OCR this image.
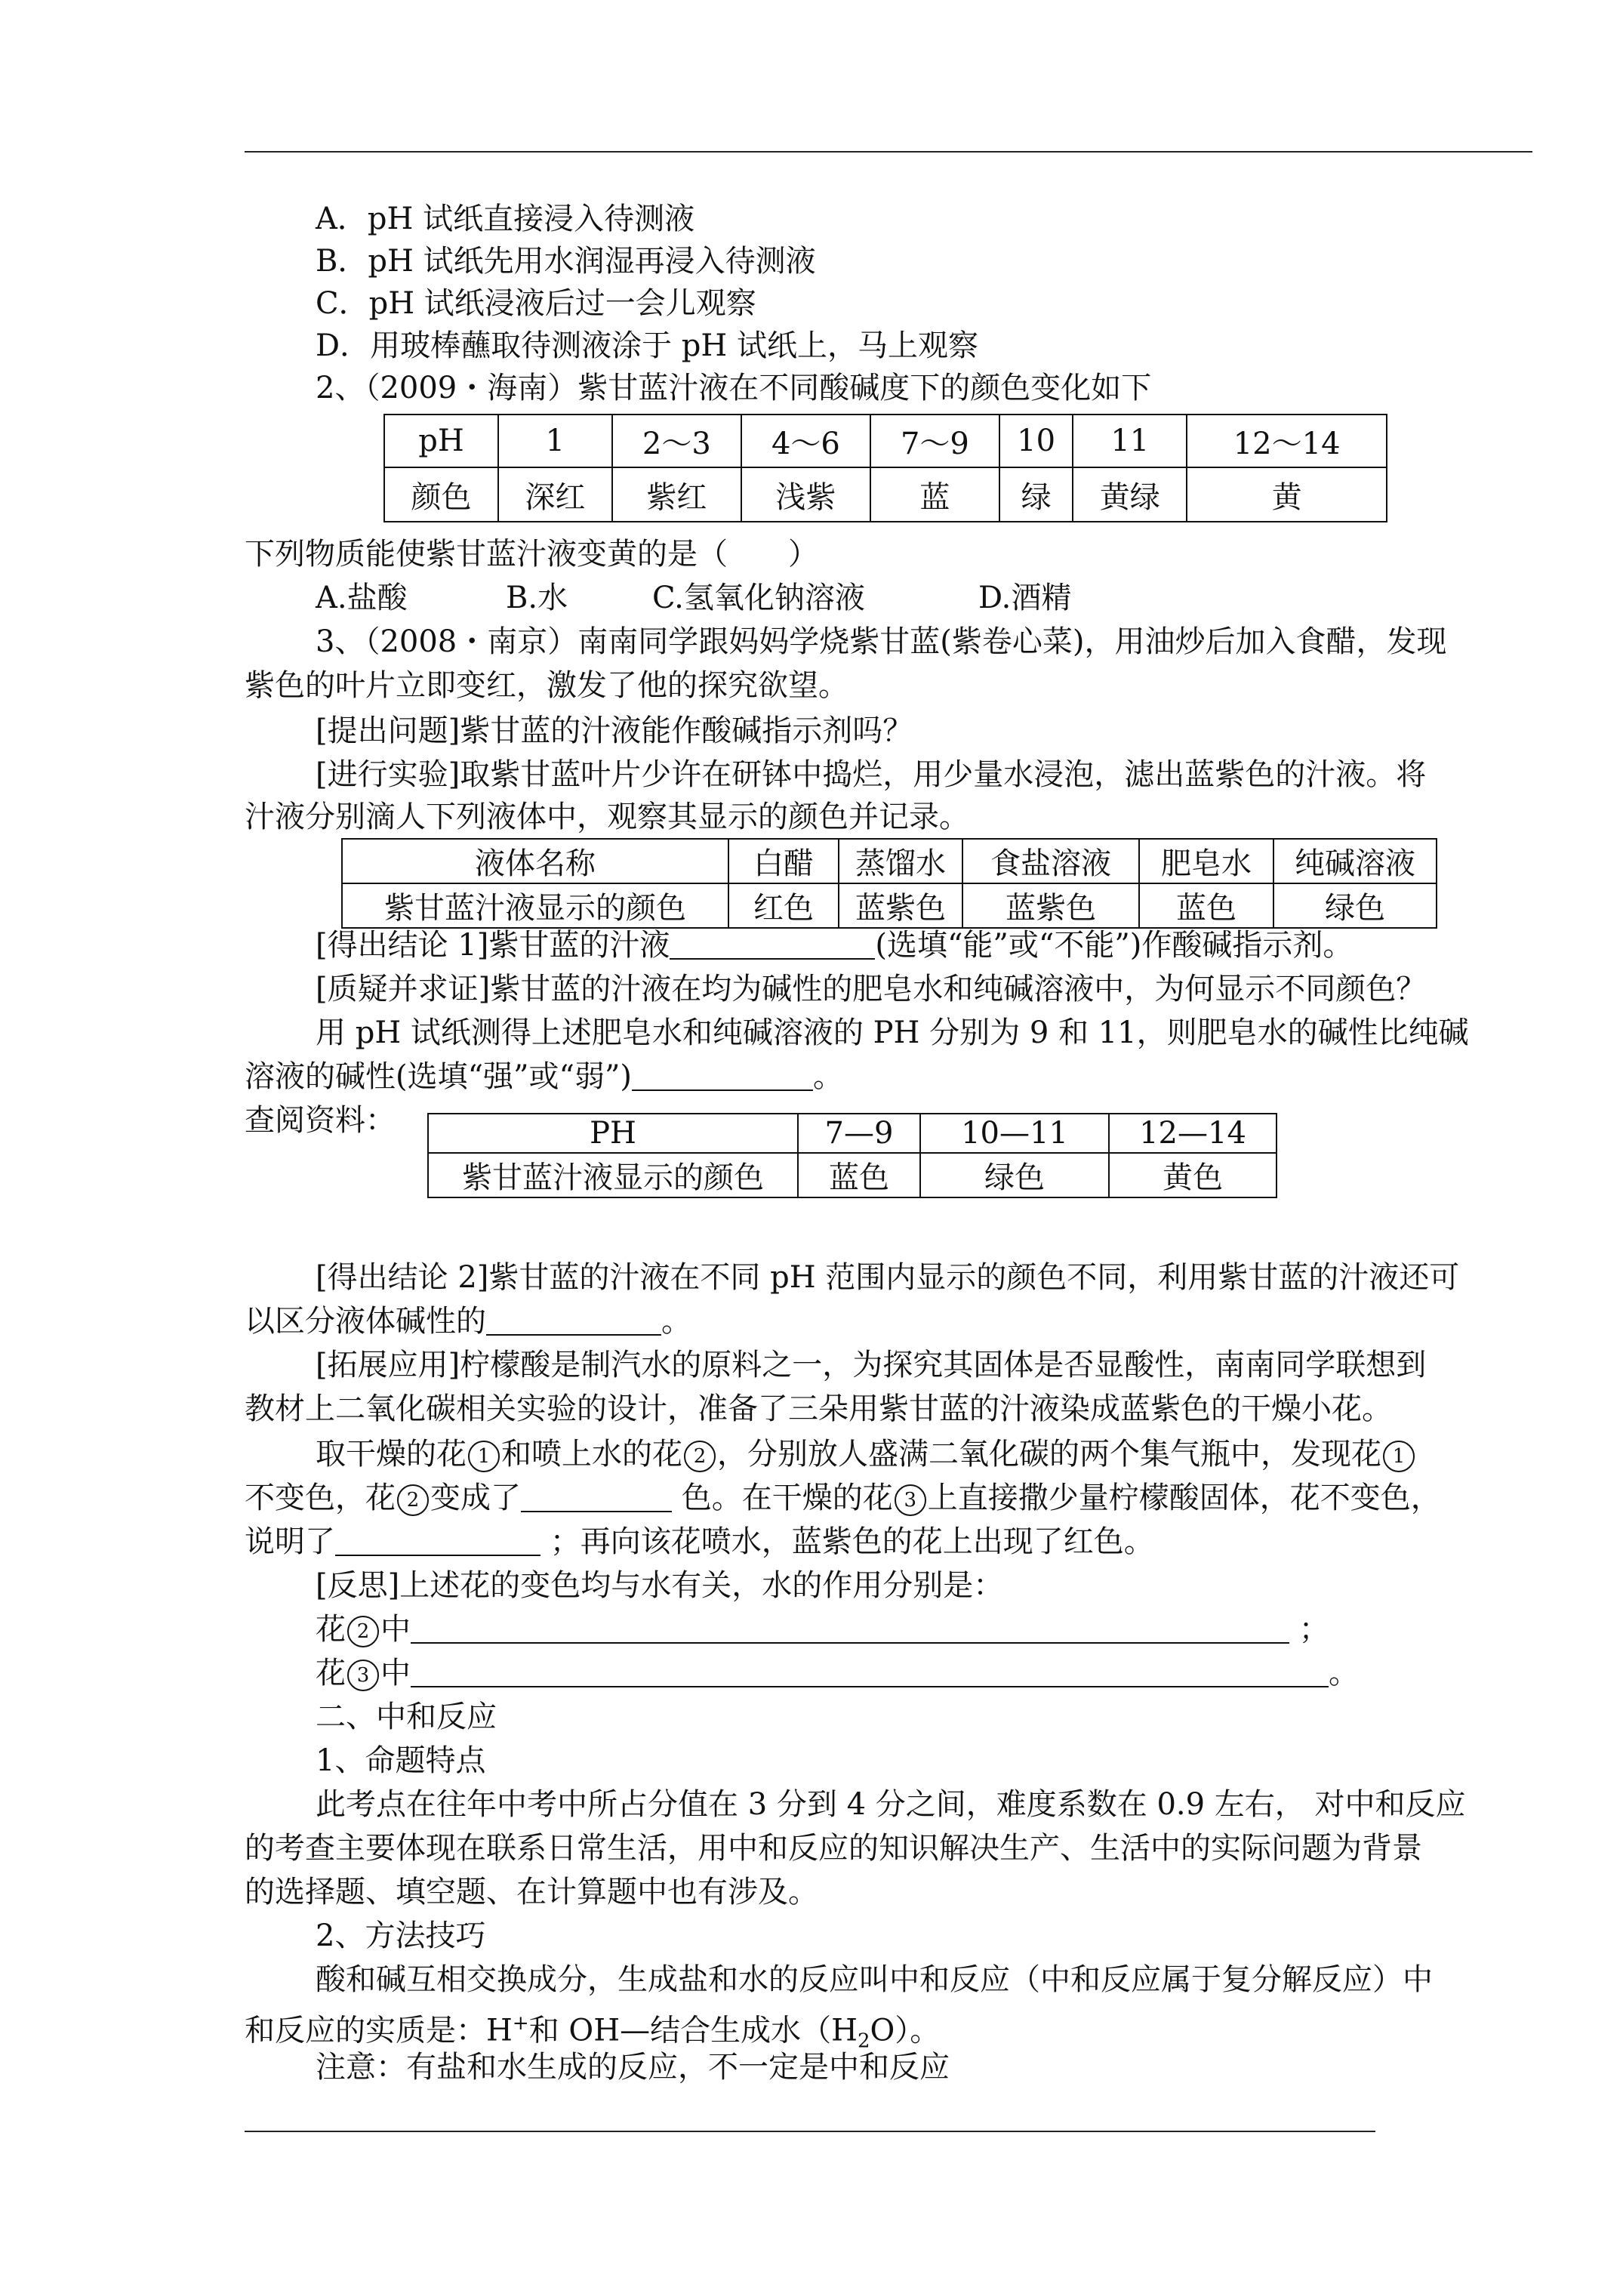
A．pH 试纸直接浸入待测液
B．pH 试纸先用水润湿再浸入待测液
C．pH 试纸浸液后过一会儿观察
D．用玻棒蘸取待测液涂于 pH 试纸上，马上观察
2、（2009・海南）紫甘蓝汁液在不同酸碱度下的颜色变化如下
pH	1	2～3	4～6	7～9	10	11	12～14
颜色	深红	紫红	浅紫	蓝	绿	黄绿	黄
下列物质能使紫甘蓝汁液变黄的是（　　）
A.盐酸	B.水	C.氢氧化钠溶液	D.酒精
3、（2008・南京）南南同学跟妈妈学烧紫甘蓝(紫卷心菜)，用油炒后加入食醋，发现
紫色的叶片立即变红，激发了他的探究欲望。
[提出问题]紫甘蓝的汁液能作酸碱指示剂吗？
[进行实验]取紫甘蓝叶片少许在研钵中捣烂，用少量水浸泡，滤出蓝紫色的汁液。将
汁液分别滴人下列液体中，观察其显示的颜色并记录。
液体名称	白醋	蒸馏水	食盐溶液	肥皂水	纯碱溶液
紫甘蓝汁液显示的颜色	红色	蓝紫色	蓝紫色	蓝色	绿色
[得出结论 1]紫甘蓝的汁液	(选填“能”或“不能”)作酸碱指示剂。
[质疑并求证]紫甘蓝的汁液在均为碱性的肥皂水和纯碱溶液中，为何显示不同颜色？
用 pH 试纸测得上述肥皂水和纯碱溶液的 PH 分别为 9 和 11，则肥皂水的碱性比纯碱
溶液的碱性(选填“强”或“弱”)	。
查阅资料：	PH	7—9	10—11	12—14
紫甘蓝汁液显示的颜色	蓝色	绿色	黄色
[得出结论 2]紫甘蓝的汁液在不同 pH 范围内显示的颜色不同，利用紫甘蓝的汁液还可
以区分液体碱性的	。
[拓展应用]柠檬酸是制汽水的原料之一，为探究其固体是否显酸性，南南同学联想到
教材上二氧化碳相关实验的设计，准备了三朵用紫甘蓝的汁液染成蓝紫色的干燥小花。
取干燥的花 1 和喷上水的花 2 ，分别放人盛满二氧化碳的两个集气瓶中，发现花 1
不变色，花 2 变成了	色。在干燥的花 3 上直接撒少量柠檬酸固体，花不变色，
说明了	；再向该花喷水，蓝紫色的花上出现了红色。
[反思]上述花的变色均与水有关，水的作用分别是：
花 2 中	；
花 3 中	。
二、中和反应
1、命题特点
此考点在往年中考中所占分值在 3 分到 4 分之间，难度系数在 0.9 左右， 对中和反应
的考查主要体现在联系日常生活，用中和反应的知识解决生产、生活中的实际问题为背景
的选择题、填空题、在计算题中也有涉及。
2、方法技巧
酸和碱互相交换成分，生成盐和水的反应叫中和反应（中和反应属于复分解反应）中
和反应的实质是：H+和 OH—结合生成水$(H_2O)$。
注意：有盐和水生成的反应，不一定是中和反应
